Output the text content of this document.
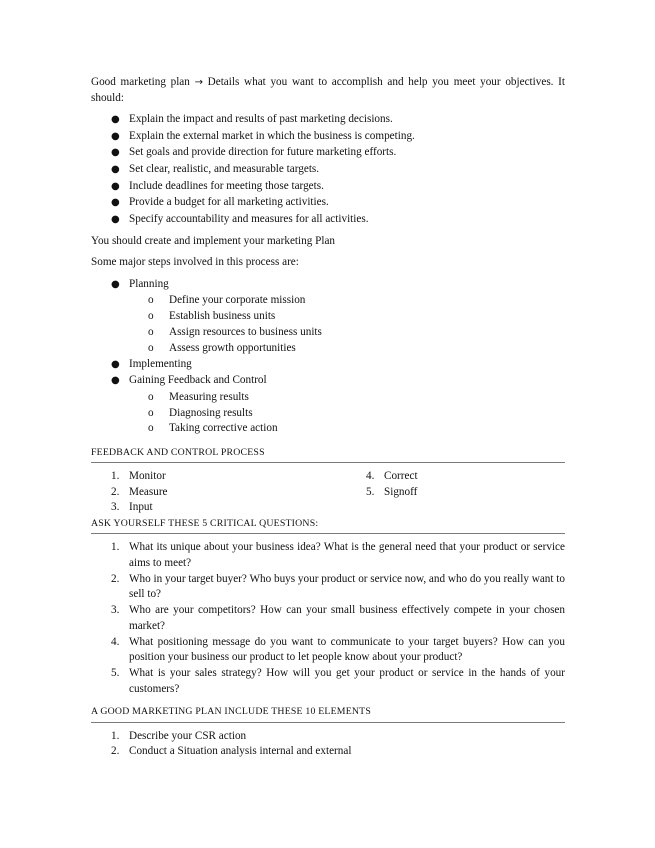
Good marketing plan → Details what you want to accomplish and help you meet your objectives. It should:

● Explain the impact and results of past marketing decisions.
● Explain the external market in which the business is competing.
● Set goals and provide direction for future marketing efforts.
● Set clear, realistic, and measurable targets.
● Include deadlines for meeting those targets.
● Provide a budget for all marketing activities.
● Specify accountability and measures for all activities.

You should create and implement your marketing Plan

Some major steps involved in this process are:

● Planning
o Define your corporate mission
o Establish business units
o Assign resources to business units
o Assess growth opportunities
● Implementing
● Gaining Feedback and Control
o Measuring results
o Diagnosing results
o Taking corrective action
FEEDBACK AND CONTROL PROCESS
1. Monitor
2. Measure
3. Input
4. Correct
5. Signoff
ASK YOURSELF THESE 5 CRITICAL QUESTIONS:
1. What its unique about your business idea? What is the general need that your product or service aims to meet?
2. Who in your target buyer? Who buys your product or service now, and who do you really want to sell to?
3. Who are your competitors? How can your small business effectively compete in your chosen market?
4. What positioning message do you want to communicate to your target buyers? How can you position your business our product to let people know about your product?
5. What is your sales strategy? How will you get your product or service in the hands of your customers?
A GOOD MARKETING PLAN INCLUDE THESE 10 ELEMENTS
1. Describe your CSR action
2. Conduct a Situation analysis internal and external
